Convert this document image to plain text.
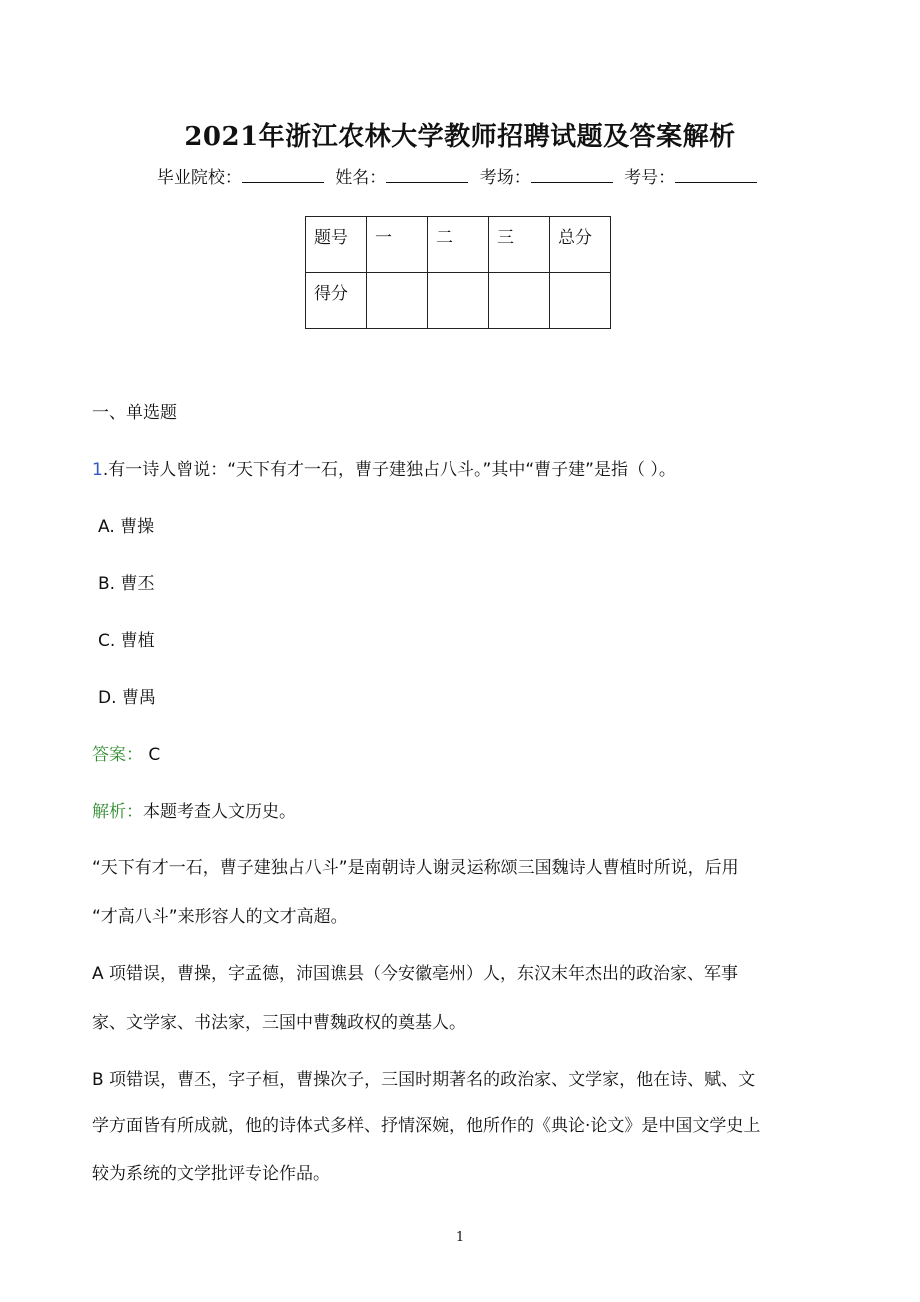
2021年浙江农林大学教师招聘试题及答案解析
毕业院校：	姓名：	考场：	考号：
题号	一	二	三	总分
得分				
一、单选题
1.有一诗人曾说：“天下有才一石，曹子建独占八斗。”其中“曹子建”是指（ ）。
A. 曹操
B. 曹丕
C. 曹植
D. 曹禺
答案： C
解析：本题考查人文历史。
“天下有才一石，曹子建独占八斗”是南朝诗人谢灵运称颂三国魏诗人曹植时所说，后用
“才高八斗”来形容人的文才高超。
A 项错误，曹操，字孟德，沛国谯县（今安徽亳州）人，东汉末年杰出的政治家、军事
家、文学家、书法家，三国中曹魏政权的奠基人。
B 项错误，曹丕，字子桓，曹操次子，三国时期著名的政治家、文学家，他在诗、赋、文
学方面皆有所成就，他的诗体式多样、抒情深婉，他所作的《典论·论文》是中国文学史上
较为系统的文学批评专论作品。
1
